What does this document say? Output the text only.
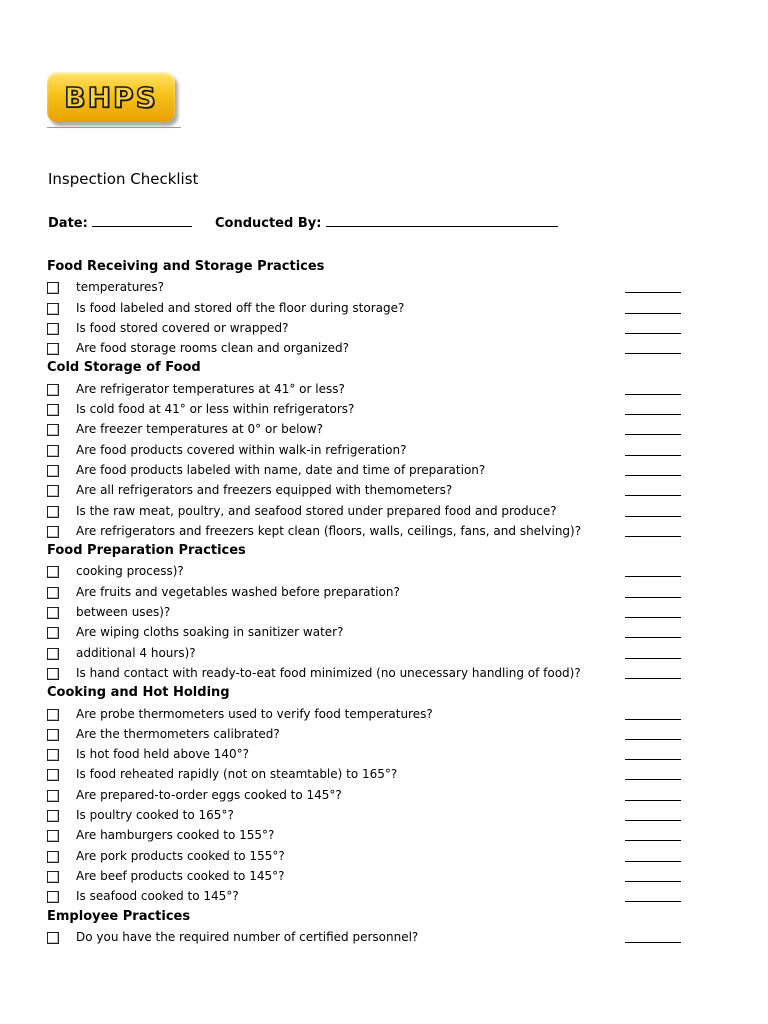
BHPS
Inspection Checklist
Date:	Conducted By:
Food Receiving and Storage Practices
temperatures?
Is food labeled and stored off the floor during storage?
Is food stored covered or wrapped?
Are food storage rooms clean and organized?
Cold Storage of Food
Are refrigerator temperatures at 41° or less?
Is cold food at 41° or less within refrigerators?
Are freezer temperatures at 0° or below?
Are food products covered within walk-in refrigeration?
Are food products labeled with name, date and time of preparation?
Are all refrigerators and freezers equipped with themometers?
Is the raw meat, poultry, and seafood stored under prepared food and produce?
Are refrigerators and freezers kept clean (floors, walls, ceilings, fans, and shelving)?
Food Preparation Practices
cooking process)?
Are fruits and vegetables washed before preparation?
between uses)?
Are wiping cloths soaking in sanitizer water?
additional 4 hours)?
Is hand contact with ready-to-eat food minimized (no unecessary handling of food)?
Cooking and Hot Holding
Are probe thermometers used to verify food temperatures?
Are the thermometers calibrated?
Is hot food held above 140°?
Is food reheated rapidly (not on steamtable) to 165°?
Are prepared-to-order eggs cooked to 145°?
Is poultry cooked to 165°?
Are hamburgers cooked to 155°?
Are pork products cooked to 155°?
Are beef products cooked to 145°?
Is seafood cooked to 145°?
Employee Practices
Do you have the required number of certified personnel?
